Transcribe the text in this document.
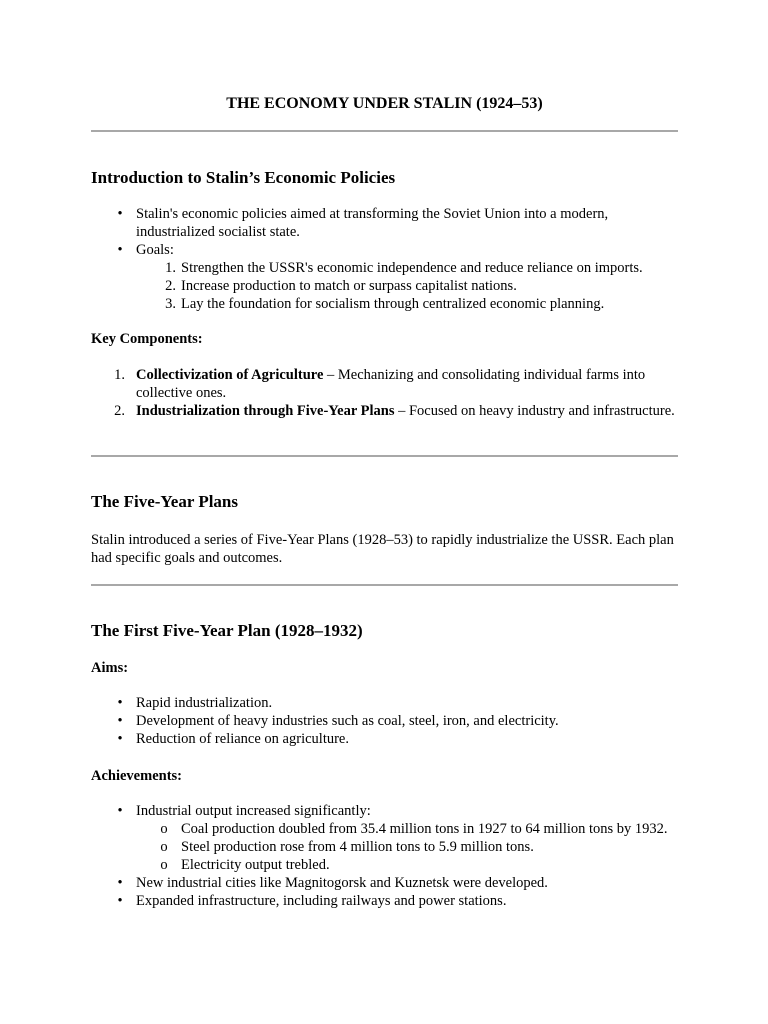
THE ECONOMY UNDER STALIN (1924–53)
Introduction to Stalin’s Economic Policies
• Stalin's economic policies aimed at transforming the Soviet Union into a modern, industrialized socialist state.
• Goals:
1. Strengthen the USSR's economic independence and reduce reliance on imports.
2. Increase production to match or surpass capitalist nations.
3. Lay the foundation for socialism through centralized economic planning.
Key Components:
1. Collectivization of Agriculture – Mechanizing and consolidating individual farms into collective ones.
2. Industrialization through Five-Year Plans – Focused on heavy industry and infrastructure.
The Five-Year Plans

Stalin introduced a series of Five-Year Plans (1928–53) to rapidly industrialize the USSR. Each plan had specific goals and outcomes.

The First Five-Year Plan (1928–1932)
Aims:
• Rapid industrialization.
• Development of heavy industries such as coal, steel, iron, and electricity.
• Reduction of reliance on agriculture.
Achievements:
• Industrial output increased significantly:
o Coal production doubled from 35.4 million tons in 1927 to 64 million tons by 1932.
o Steel production rose from 4 million tons to 5.9 million tons.
o Electricity output trebled.
• New industrial cities like Magnitogorsk and Kuznetsk were developed.
• Expanded infrastructure, including railways and power stations.
